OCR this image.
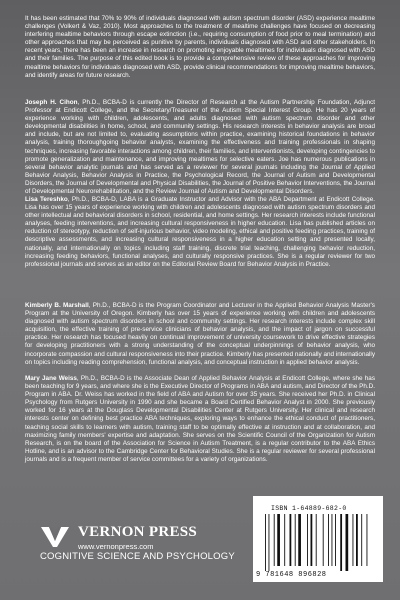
It has been estimated that 70% to 90% of individuals diagnosed with autism spectrum disorder (ASD) experience mealtime challenges (Volkert & Vaz, 2010). Most approaches to the treatment of mealtime challenges have focused on decreasing interfering mealtime behaviors through escape extinction (i.e., requiring consumption of food prior to meal termination) and other approaches that may be perceived as punitive by parents, individuals diagnosed with ASD and other stakeholders. In recent years, there has been an increase in research on promoting enjoyable mealtimes for individuals diagnosed with ASD and their families. The purpose of this edited book is to provide a comprehensive review of these approaches for improving mealtime behaviors for individuals diagnosed with ASD, provide clinical recommendations for improving mealtime behaviors, and identify areas for future research.

Joseph H. Cihon, Ph.D., BCBA-D is currently the Director of Research at the Autism Partnership Foundation, Adjunct Professor at Endicott College, and the Secretary/Treasurer of the Autism Special Interest Group. He has 20 years of experience working with children, adolescents, and adults diagnosed with autism spectrum disorder and other developmental disabilities in home, school, and community settings. His research interests in behavior analysis are broad and include, but are not limited to, evaluating assumptions within practice, examining historical foundations in behavior analysis, training thoroughgoing behavior analysts, examining the effectiveness and training professionals in shaping techniques, increasing favorable interactions among children, their families, and interventionists, developing contingencies to promote generalization and maintenance, and improving mealtimes for selective eaters. Joe has numerous publications in several behavior analytic journals and has served as a reviewer for several journals including the Journal of Applied Behavior Analysis, Behavior Analysis in Practice, the Psychological Record, the Journal of Autism and Developmental Disorders, the Journal of Developmental and Physical Disabilities, the Journal of Positive Behavior Interventions, the Journal of Developmental Neurorehabilitation, and the Review Journal of Autism and Developmental Disorders.

Lisa Tereshko, Ph.D., BCBA-D, LABA is a Graduate Instructor and Advisor with the ABA Department at Endicott College. Lisa has over 15 years of experience working with children and adolescents diagnosed with autism spectrum disorders and other intellectual and behavioral disorders in school, residential, and home settings. Her research interests include functional analyses, feeding interventions, and increasing cultural responsiveness in higher education. Lisa has published articles on reduction of stereotypy, reduction of self-injurious behavior, video modeling, ethical and positive feeding practices, training of descriptive assessments, and increasing cultural responsiveness in a higher education setting and presented locally, nationally, and internationally on topics including staff training, discrete trial teaching, challenging behavior reduction, increasing feeding behaviors, functional analyses, and culturally responsive practices. She is a regular reviewer for two professional journals and serves as an editor on the Editorial Review Board for Behavior Analysis in Practice.

Kimberly B. Marshall, Ph.D., BCBA-D is the Program Coordinator and Lecturer in the Applied Behavior Analysis Master's Program at the University of Oregon. Kimberly has over 15 years of experience working with children and adolescents diagnosed with autism spectrum disorders in school and community settings. Her research interests include complex skill acquisition, the effective training of pre-service clinicians of behavior analysis, and the impact of jargon on successful practice. Her research has focused heavily on continual improvement of university coursework to drive effective strategies for developing practitioners with a strong understanding of the conceptual underpinnings of behavior analysis, who incorporate compassion and cultural responsiveness into their practice. Kimberly has presented nationally and internationally on topics including reading comprehension, functional analysis, and conceptual instruction in applied behavior analysis.

Mary Jane Weiss, Ph.D., BCBA-D is the Associate Dean of Applied Behavior Analysis at Endicott College, where she has been teaching for 9 years, and where she is the Executive Director of Programs in ABA and autism, and Director of the Ph.D. Program in ABA. Dr. Weiss has worked in the field of ABA and Autism for over 35 years. She received her Ph.D. in Clinical Psychology from Rutgers University in 1990 and she became a Board Certified Behavior Analyst in 2000. She previously worked for 16 years at the Douglass Developmental Disabilities Center at Rutgers University. Her clinical and research interests center on defining best practice ABA techniques, exploring ways to enhance the ethical conduct of practitioners, teaching social skills to learners with autism, training staff to be optimally effective at instruction and at collaboration, and maximizing family members' expertise and adaptation. She serves on the Scientific Council of the Organization for Autism Research, is on the board of the Association for Science in Autism Treatment, is a regular contributor to the ABA Ethics Hotline, and is an advisor to the Cambridge Center for Behavioral Studies. She is a regular reviewer for several professional journals and is a frequent member of service committees for a variety of organizations.

VERNON PRESS
www.vernonpress.com
COGNITIVE SCIENCE AND PSYCHOLOGY
ISBN 1-64889-682-0
9 781648 896828
